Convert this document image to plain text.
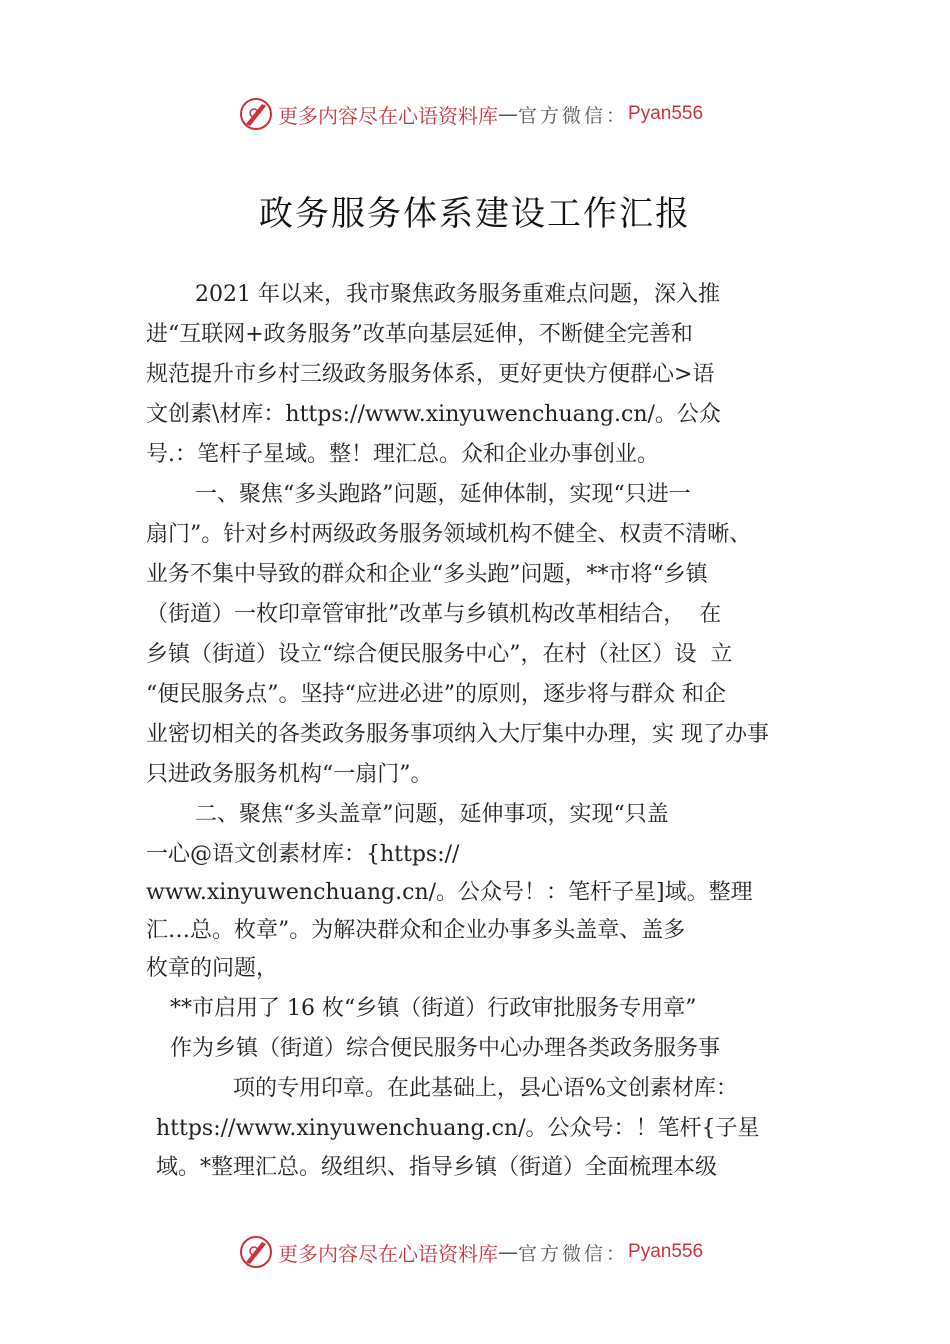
更多内容尽在心语资料库 — 官方微信： Pyan556
政务服务体系建设工作汇报
2021 年以来，我市聚焦政务服务重难点问题，深入推
进“互联网+政务服务”改革向基层延伸，不断健全完善和
规范提升市乡村三级政务服务体系，更好更快方便群心>语
文创素\材库：https://www.xinyuwenchuang.cn/。公众
号.：笔杆子星域。整！理汇总。众和企业办事创业。
一、聚焦“多头跑路”问题，延伸体制，实现“只进一
扇门”。针对乡村两级政务服务领域机构不健全、权责不清晰、
业务不集中导致的群众和企业“多头跑”问题，**市将“乡镇
（街道）一枚印章管审批”改革与乡镇机构改革相结合，  在
乡镇（街道）设立“综合便民服务中心”，在村（社区）设  立
“便民服务点”。坚持“应进必进”的原则，逐步将与群众 和企
业密切相关的各类政务服务事项纳入大厅集中办理，实 现了办事
只进政务服务机构“一扇门”。
二、聚焦“多头盖章”问题，延伸事项，实现“只盖
一心@语文创素材库：{https://
www.xinyuwenchuang.cn/。公众号！：笔杆子星]域。整理
汇…总。枚章”。为解决群众和企业办事多头盖章、盖多
枚章的问题，
**市启用了 16 枚“乡镇（街道）行政审批服务专用章”
作为乡镇（街道）综合便民服务中心办理各类政务服务事
项的专用印章。在此基础上，县心语%文创素材库：
https://www.xinyuwenchuang.cn/。公众号：！笔杆{子星
域。*整理汇总。级组织、指导乡镇（街道）全面梳理本级
更多内容尽在心语资料库 — 官方微信： Pyan556
